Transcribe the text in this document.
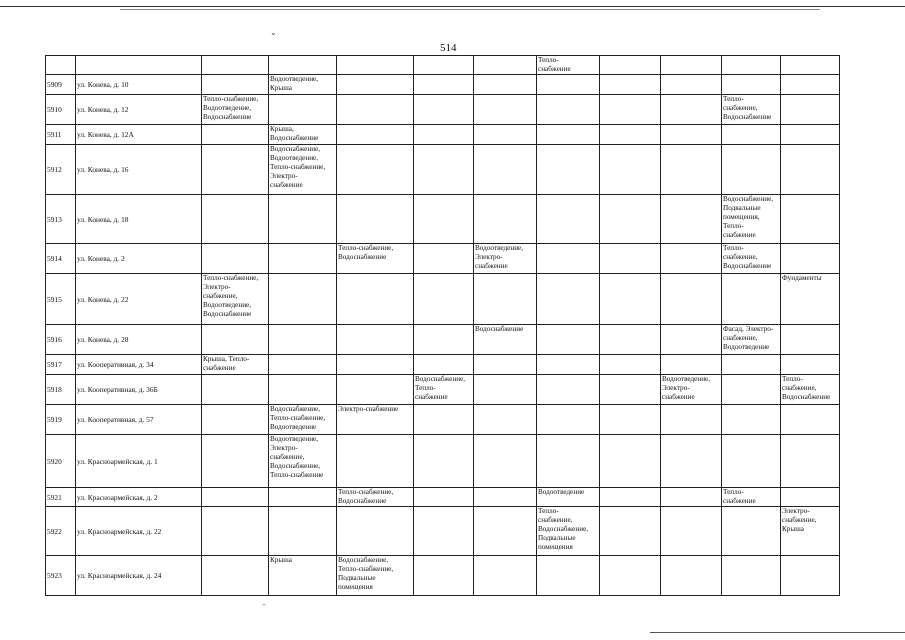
⌄
–
514
							Тепло-
снабжение				
5909	ул. Конева, д. 10		Водоотведение,
Крыша								
5910	ул. Конева, д. 12	Тепло-снабжение,
Водоотведение,
Водоснабжение								Тепло-
снабжение,
Водоснабжение	
5911	ул. Конева, д. 12А		Крыша,
Водоснабжение								
5912	ул. Конева, д. 16		Водоснабжение,
Водоотведение,
Тепло-снабжение,
Электро-
снабжение								
5913	ул. Конева, д. 18									Водоснабжение,
Подвальные
помещения,
Тепло-
снабжение	
5914	ул. Конева, д. 2			Тепло-снабжение,
Водоснабжение		Водоотведение,
Электро-
снабжение				Тепло-
снабжение,
Водоснабжение	
5915	ул. Конева, д. 22	Тепло-снабжение,
Электро-
снабжение,
Водоотведение,
Водоснабжение									Фундаменты
5916	ул. Конева, д. 28					Водоснабжение				Фасад, Электро-
снабжение,
Водоотведение	
5917	ул. Кооперативная, д. 34	Крыша, Тепло-
снабжение									
5918	ул. Кооперативная, д. 36Б				Водоснабжение,
Тепло-
снабжение				Водоотведение,
Электро-
снабжение		Тепло-
снабжение,
Водоснабжение
5919	ул. Кооперативная, д. 57		Водоснабжение,
Тепло-снабжение,
Водоотведение	Электро-снабжение							
5920	ул. Красноармейская, д. 1		Водоотведение,
Электро-
снабжение,
Водоснабжение,
Тепло-снабжение								
5921	ул. Красноармейская, д. 2			Тепло-снабжение,
Водоснабжение			Водоотведение			Тепло-
снабжение	
5922	ул. Красноармейская, д. 22						Тепло-
снабжение,
Водоснабжение,
Подвальные
помещения				Электро-
снабжение,
Крыша
5923	ул. Красноармейская, д. 24		Крыша	Водоснабжение,
Тепло-снабжение,
Подвальные
помещения							
